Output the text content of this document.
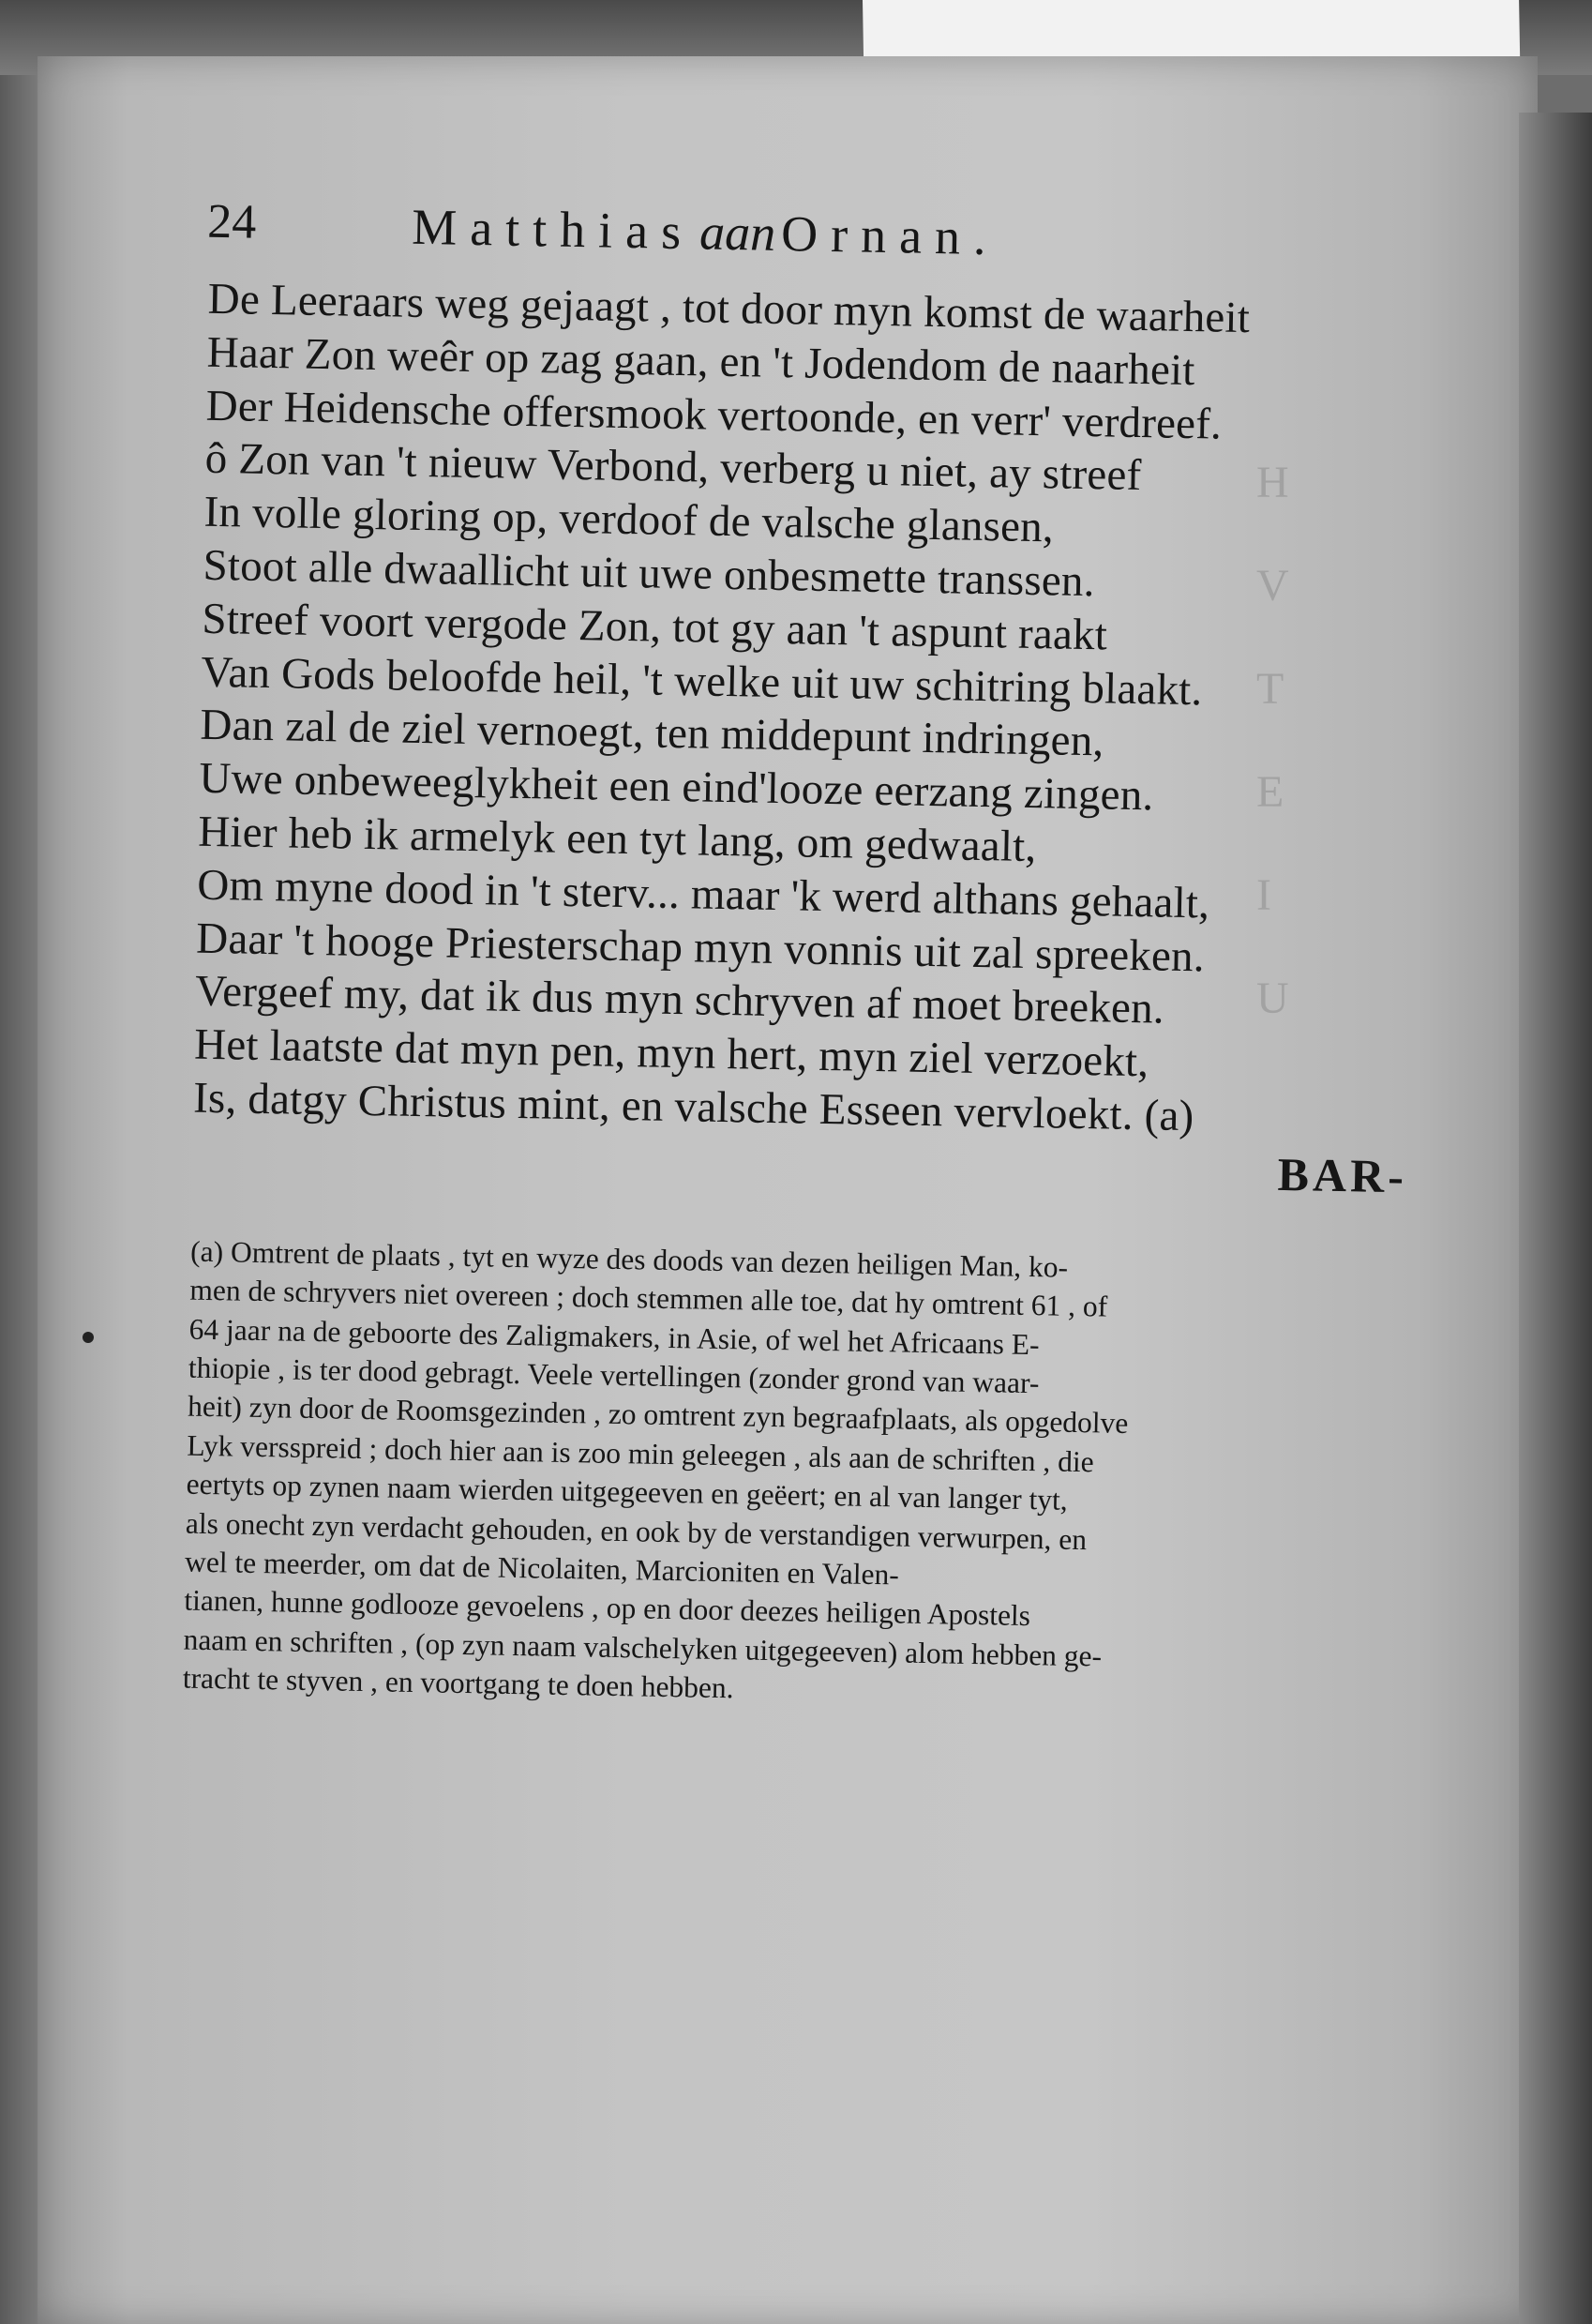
H
V
T
E
I
U
24	MatthiasaanOrnan.
De Leeraars weg gejaagt , tot door myn komst de waarheit
Haar Zon weêr op zag gaan, en 't Jodendom de naarheit
Der Heidensche offersmook vertoonde, en verr' verdreef.
ô Zon van 't nieuw Verbond, verberg u niet, ay streef
In volle gloring op, verdoof de valsche glansen,
Stoot alle dwaallicht uit uwe onbesmette transsen.
Streef voort vergode Zon, tot gy aan 't aspunt raakt
Van Gods beloofde heil, 't welke uit uw schitring blaakt.
Dan zal de ziel vernoegt, ten middepunt indringen,
Uwe onbeweeglykheit een eind'looze eerzang zingen.
Hier heb ik armelyk een tyt lang, om gedwaalt,
Om myne dood in 't sterv... maar 'k werd althans gehaalt,
Daar 't hooge Priesterschap myn vonnis uit zal spreeken.
Vergeef my, dat ik dus myn schryven af moet breeken.
Het laatste dat myn pen, myn hert, myn ziel verzoekt,
Is, datgy Christus mint, en valsche Esseen vervloekt. (a)
BAR-

(a) Omtrent de plaats , tyt en wyze des doods van dezen heiligen Man, ko-

men de schryvers niet overeen ; doch stemmen alle toe, dat hy omtrent 61 , of

64 jaar na de geboorte des Zaligmakers, in Asie, of wel het Africaans E-

thiopie , is ter dood gebragt. Veele vertellingen (zonder grond van waar-

heit) zyn door de Roomsgezinden , zo omtrent zyn begraafplaats, als opgedolve

Lyk versspreid ; doch hier aan is zoo min geleegen , als aan de schriften , die

eertyts op zynen naam wierden uitgegeeven en geëert; en al van langer tyt,

als onecht zyn verdacht gehouden, en ook by de verstandigen verwurpen, en

wel te meerder, om dat de Nicolaiten, Marcioniten en Valen-

tianen, hunne godlooze gevoelens , op en door deezes heiligen Apostels

naam en schriften , (op zyn naam valschelyken uitgegeeven) alom hebben ge-

tracht te styven , en voortgang te doen hebben.
